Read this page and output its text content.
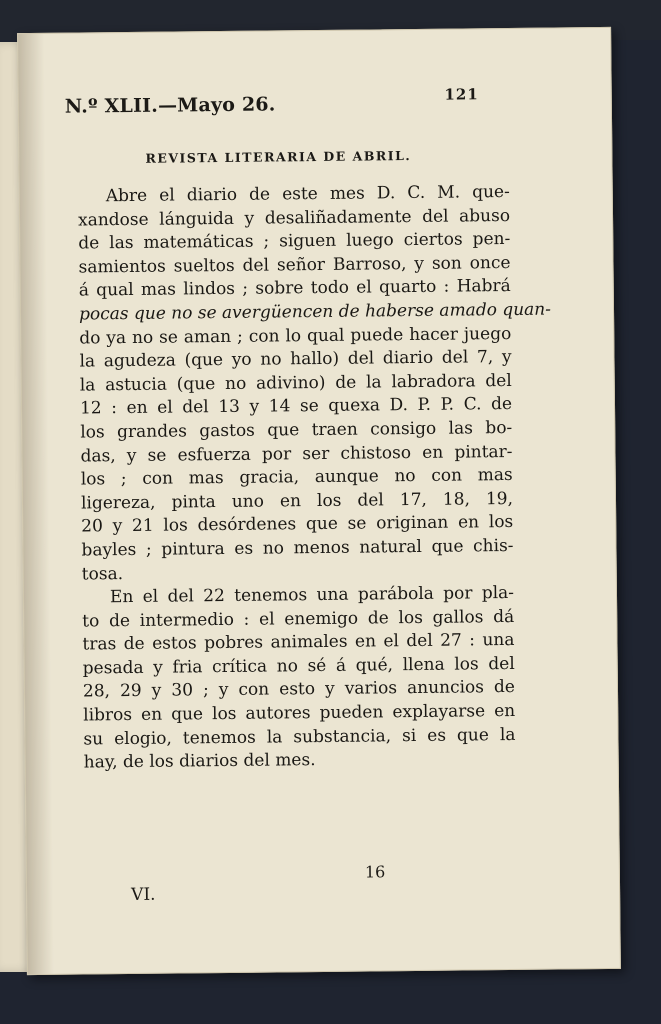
N.º XLII.—Mayo 26.	121
REVISTA LITERARIA DE ABRIL.
Abre el diario de este mes D. C. M. que-
xandose lánguida y desaliñadamente del abuso
de las matemáticas ; siguen luego ciertos pen-
samientos sueltos del señor Barroso, y son once
á qual mas lindos ; sobre todo el quarto : Habrá
pocas que no se avergüencen de haberse amado quan-
do ya no se aman ; con lo qual puede hacer juego
la agudeza (que yo no hallo) del diario del 7, y
la astucia (que no adivino) de la labradora del
12 : en el del 13 y 14 se quexa D. P. P. C. de
los grandes gastos que traen consigo las bo-
das, y se esfuerza por ser chistoso en pintar-
los ; con mas gracia, aunque no con mas
ligereza, pinta uno en los del 17, 18, 19,
20 y 21 los desórdenes que se originan en los
bayles ; pintura es no menos natural que chis-
tosa.
En el del 22 tenemos una parábola por pla-
to de intermedio : el enemigo de los gallos dá
tras de estos pobres animales en el del 27 : una
pesada y fria crítica no sé á qué, llena los del
28, 29 y 30 ; y con esto y varios anuncios de
libros en que los autores pueden explayarse en
su elogio, tenemos la substancia, si es que la
hay, de los diarios del mes.
16
VI.
